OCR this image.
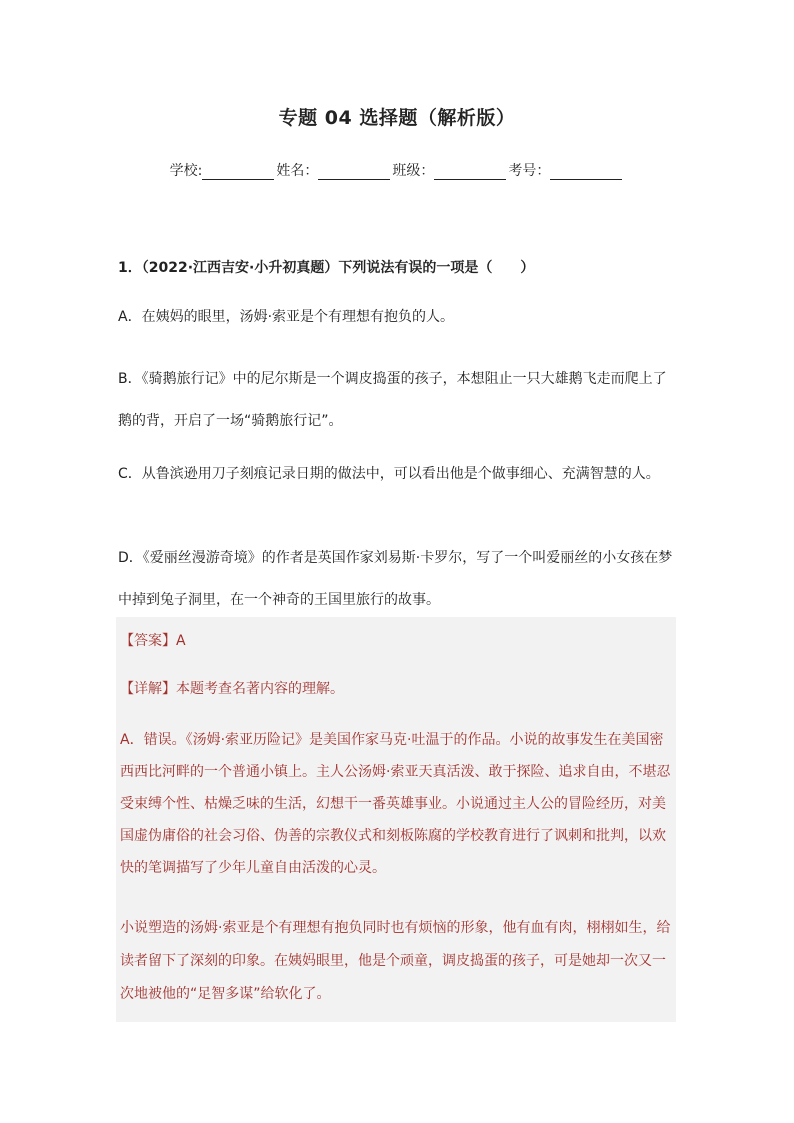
专题 04 选择题（解析版）
学校:	姓名：	班级：	考号：
1．（2022·江西吉安·小升初真题）下列说法有误的一项是（　　）
A．在姨妈的眼里，汤姆·索亚是个有理想有抱负的人。
B．《骑鹅旅行记》中的尼尔斯是一个调皮捣蛋的孩子，本想阻止一只大雄鹅飞走而爬上了鹅的背，开启了一场“骑鹅旅行记”。
C．从鲁滨逊用刀子刻痕记录日期的做法中，可以看出他是个做事细心、充满智慧的人。
D．《爱丽丝漫游奇境》的作者是英国作家刘易斯·卡罗尔，写了一个叫爱丽丝的小女孩在梦中掉到兔子洞里，在一个神奇的王国里旅行的故事。
【答案】A
【详解】本题考查名著内容的理解。
A．错误。《汤姆·索亚历险记》是美国作家马克·吐温于的作品。小说的故事发生在美国密西西比河畔的一个普通小镇上。主人公汤姆·索亚天真活泼、敢于探险、追求自由，不堪忍受束缚个性、枯燥乏味的生活，幻想干一番英雄事业。小说通过主人公的冒险经历，对美国虚伪庸俗的社会习俗、伪善的宗教仪式和刻板陈腐的学校教育进行了讽刺和批判，以欢快的笔调描写了少年儿童自由活泼的心灵。
小说塑造的汤姆·索亚是个有理想有抱负同时也有烦恼的形象，他有血有肉，栩栩如生，给读者留下了深刻的印象。在姨妈眼里，他是个顽童，调皮捣蛋的孩子，可是她却一次又一次地被他的“足智多谋”给软化了。
